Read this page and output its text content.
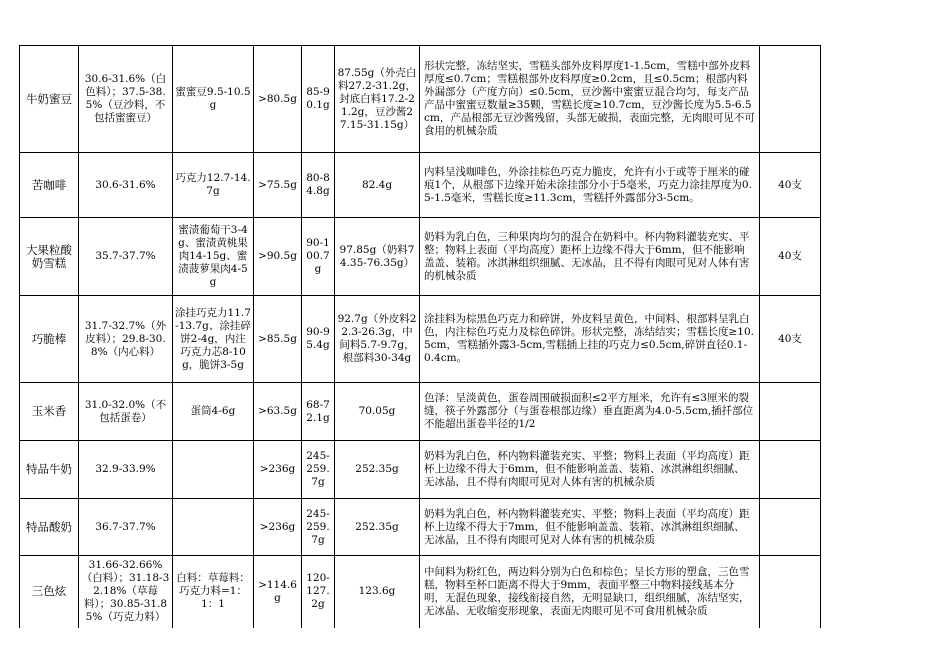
牛奶蜜豆	30.6-31.6%（白色料）；37.5-38.5%（豆沙料，不包括蜜蜜豆）	蜜蜜豆9.5-10.5g	>80.5g	85-90.1g	87.55g（外壳白料27.2-31.2g，封底白料17.2-21.2g，豆沙酱27.15-31.15g）	形状完整，冻结坚实，雪糕头部外皮料厚度1-1.5cm，雪糕中部外皮料厚度≤0.7cm；雪糕根部外皮料厚度≥0.2cm，且≤0.5cm；根部内料外漏部分（产度方向）≤0.5cm，豆沙酱中蜜蜜豆混合均匀，每支产品产品中蜜蜜豆数量≥35颗，雪糕长度≥10.7cm，豆沙酱长度为5.5-6.5cm，产品根部无豆沙酱残留，头部无破损，表面完整，无肉眼可见不可食用的机械杂质	
苦咖啡	30.6-31.6%	巧克力12.7-14.7g	>75.5g	80-84.8g	82.4g	内料呈浅咖啡色，外涂挂棕色巧克力脆皮，允许有小于或等于厘米的碰痕1个，从根部下边缘开始未涂挂部分小于5毫米，巧克力涂挂厚度为0.5-1.5毫米，雪糕长度≥11.3cm，雪糕扦外露部分3-5cm。	40支
大果粒酸奶雪糕	35.7-37.7%	蜜渍葡萄干3-4g、蜜渍黄桃果肉14-15g、蜜渍菠萝果肉4-5g	>90.5g	90-100.7g	97.85g（奶料74.35-76.35g）	奶料为乳白色，三种果肉均匀的混合在奶料中。杯内物料灌装充实、平整；物料上表面（平均高度）距杯上边缘不得大于6mm，但不能影响盖盖、装箱。冰淇淋组织细腻、无冰晶，且不得有肉眼可见对人体有害的机械杂质	40支
巧脆棒	31.7-32.7%（外皮料）；29.8-30.8%（内心料）	涂挂巧克力11.7-13.7g、涂挂碎饼2-4g，内注巧克力芯8-10g，脆饼3-5g	>85.5g	90-95.4g	92.7g（外皮料22.3-26.3g，中间料5.7-9.7g，根部料30-34g	涂挂料为棕黑色巧克力和碎饼，外皮料呈黄色，中间料、根部料呈乳白色，内注棕色巧克力及棕色碎饼。形状完整，冻结结实；雪糕长度≥10.5cm，雪糕插外露3-5cm,雪糕插上挂的巧克力≤0.5cm,碎饼直径0.1-0.4cm。	40支
玉米香	31.0-32.0%（不包括蛋卷）	蛋筒4-6g	>63.5g	68-72.1g	70.05g	色泽：呈淡黄色，蛋卷周围破损面积≤2平方厘米，允许有≤3厘米的裂缝，筷子外露部分（与蛋卷根部边缘）垂直距离为4.0-5.5cm,插扦部位不能超出蛋卷半径的1/2	
特品牛奶	32.9-33.9%		>236g	245-259.7g	252.35g	奶料为乳白色，杯内物料灌装充实、平整；物料上表面（平均高度）距杯上边缘不得大于6mm，但不能影响盖盖、装箱、冰淇淋组织细腻、无冰晶，且不得有肉眼可见对人体有害的机械杂质	
特品酸奶	36.7-37.7%		>236g	245-259.7g	252.35g	奶料为乳白色，杯内物料灌装充实、平整；物料上表面（平均高度）距杯上边缘不得大于7mm，但不能影响盖盖、装箱、冰淇淋组织细腻、无冰晶，且不得有肉眼可见对人体有害的机械杂质	
三色炫	31.66-32.66%（白料）；31.18-32.18%（草莓料）；30.85-31.85%（巧克力料）	白料：草莓料：巧克力料=1：1：1	>114.6g	120-127.2g	123.6g	中间料为粉红色，两边料分别为白色和棕色；呈长方形的塑盒，三色雪糕，物料至杯口距离不得大于9mm，表面平整三中物料接线基本分明，无混色现象，接线衔接自然，无明显缺口，组织细腻，冻结坚实，无冰晶、无收缩变形现象，表面无肉眼可见不可食用机械杂质	
